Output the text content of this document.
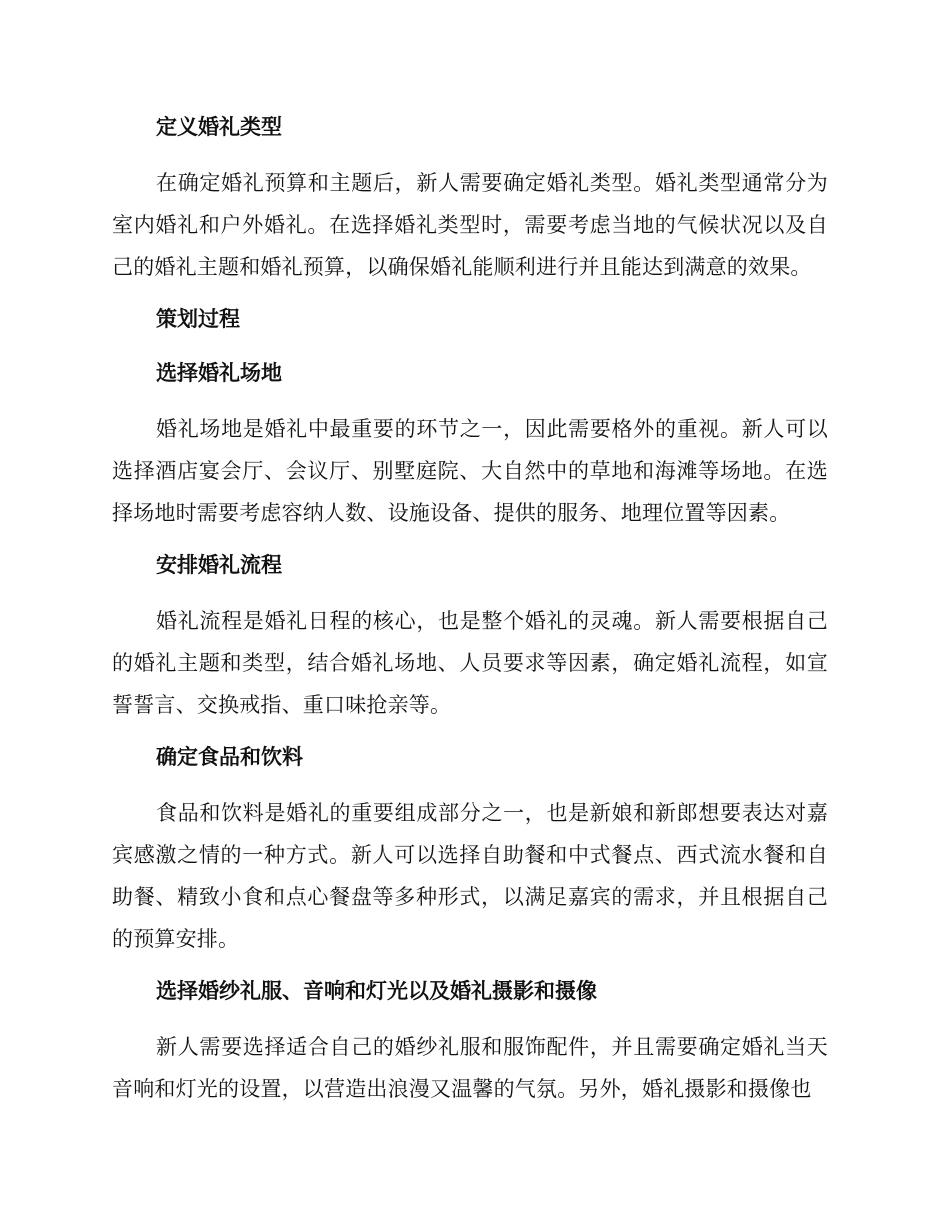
定义婚礼类型

在确定婚礼预算和主题后，新人需要确定婚礼类型。婚礼类型通常分为室内婚礼和户外婚礼。在选择婚礼类型时，需要考虑当地的气候状况以及自己的婚礼主题和婚礼预算，以确保婚礼能顺利进行并且能达到满意的效果。

策划过程
选择婚礼场地

婚礼场地是婚礼中最重要的环节之一，因此需要格外的重视。新人可以选择酒店宴会厅、会议厅、别墅庭院、大自然中的草地和海滩等场地。在选择场地时需要考虑容纳人数、设施设备、提供的服务、地理位置等因素。

安排婚礼流程

婚礼流程是婚礼日程的核心，也是整个婚礼的灵魂。新人需要根据自己的婚礼主题和类型，结合婚礼场地、人员要求等因素，确定婚礼流程，如宣誓誓言、交换戒指、重口味抢亲等。

确定食品和饮料

食品和饮料是婚礼的重要组成部分之一，也是新娘和新郎想要表达对嘉宾感激之情的一种方式。新人可以选择自助餐和中式餐点、西式流水餐和自助餐、精致小食和点心餐盘等多种形式，以满足嘉宾的需求，并且根据自己的预算安排。

选择婚纱礼服、音响和灯光以及婚礼摄影和摄像

新人需要选择适合自己的婚纱礼服和服饰配件，并且需要确定婚礼当天音响和灯光的设置，以营造出浪漫又温馨的气氛。另外，婚礼摄影和摄像也
